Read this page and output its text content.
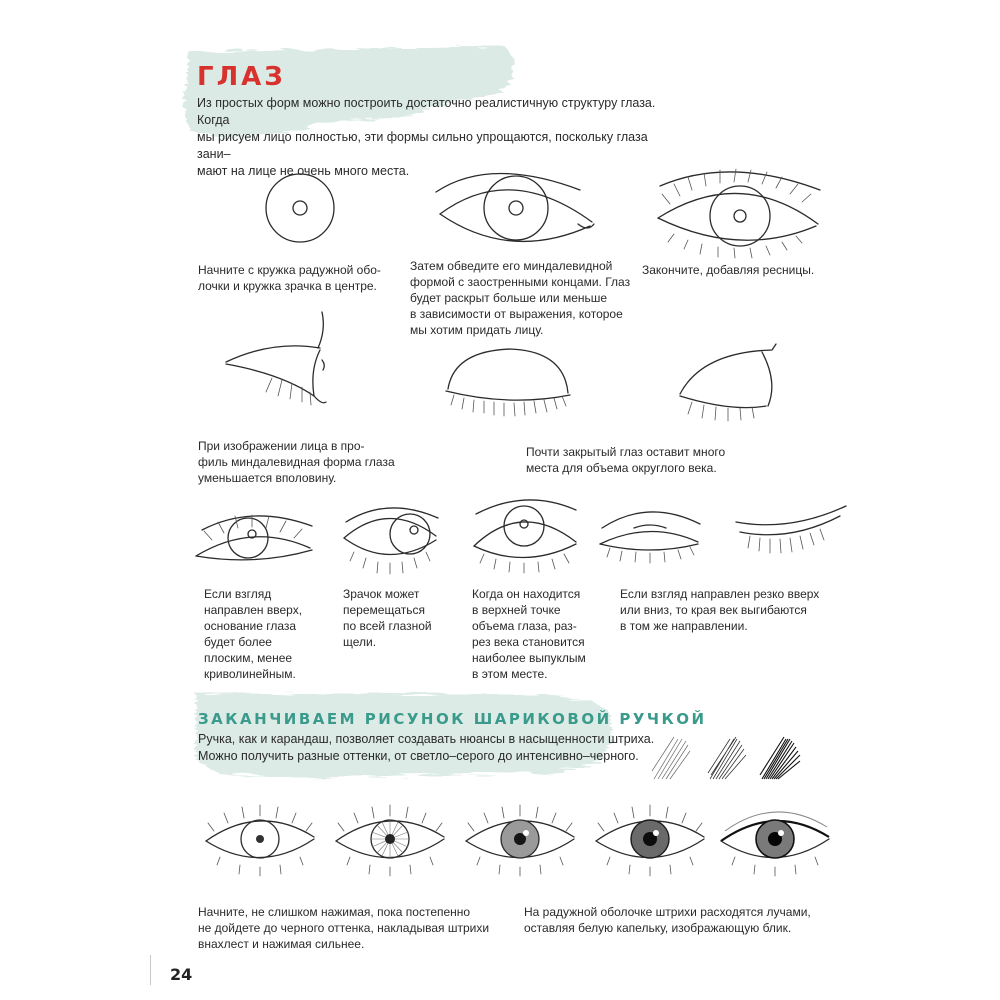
ГЛАЗ
Из простых форм можно построить достаточно реалистичную структуру глаза. Когда
мы рисуем лицо полностью, эти формы сильно упрощаются, поскольку глаза зани–
мают на лице не очень много места.
Начните с кружка радужной обо-
лочки и кружка зрачка в центре.
Затем обведите его миндалевидной
формой с заостренными концами. Глаз
будет раскрыт больше или меньше
в зависимости от выражения, которое
мы хотим придать лицу.
Закончите, добавляя ресницы.
При изображении лица в про-
филь миндалевидная форма глаза
уменьшается вполовину.
Почти закрытый глаз оставит много
места для объема округлого века.
Если взгляд
направлен вверх,
основание глаза
будет более
плоским, менее
криволинейным.
Зрачок может
перемещаться
по всей глазной
щели.
Когда он находится
в верхней точке
объема глаза, раз-
рез века становится
наиболее выпуклым
в этом месте.
Если взгляд направлен резко вверх
или вниз, то края век выгибаются
в том же направлении.
ЗАКАНЧИВАЕМ РИСУНОК ШАРИКОВОЙ РУЧКОЙ
Ручка, как и карандаш, позволяет создавать нюансы в насыщенности штриха.
Можно получить разные оттенки, от светло–серого до интенсивно–черного.
Начните, не слишком нажимая, пока постепенно
не дойдете до черного оттенка, накладывая штрихи
внахлест и нажимая сильнее.
На радужной оболочке штрихи расходятся лучами,
оставляя белую капельку, изображающую блик.
24
